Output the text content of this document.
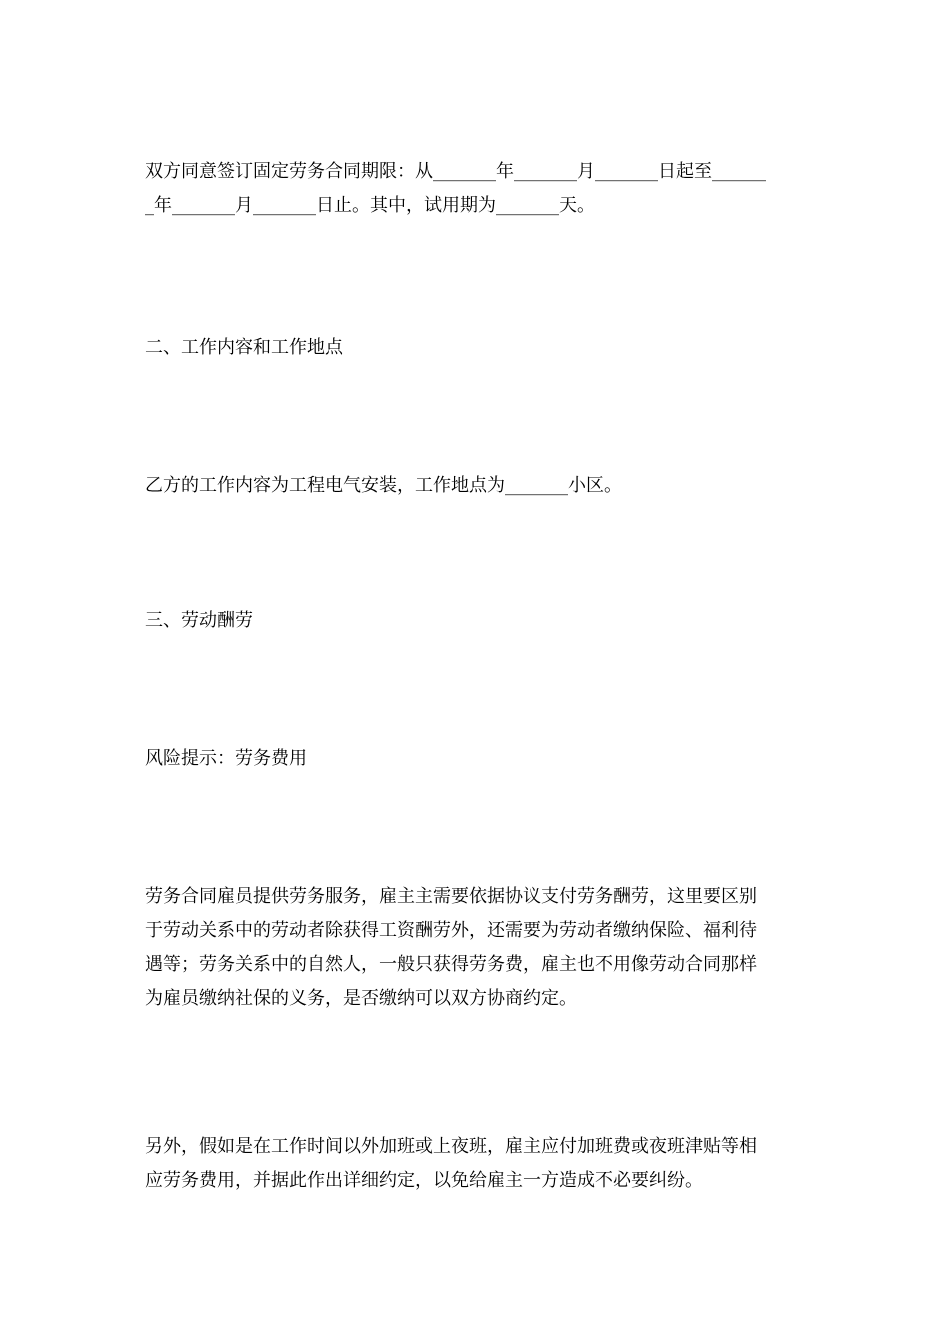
双方同意签订固定劳务合同期限：从_______年_______月_______日起至______
_年_______月_______日止。其中，试用期为_______天。

二、工作内容和工作地点

乙方的工作内容为工程电气安装，工作地点为_______小区。

三、劳动酬劳

风险提示：劳务费用

劳务合同雇员提供劳务服务，雇主主需要依据协议支付劳务酬劳，这里要区别
于劳动关系中的劳动者除获得工资酬劳外，还需要为劳动者缴纳保险、福利待
遇等；劳务关系中的自然人，一般只获得劳务费，雇主也不用像劳动合同那样
为雇员缴纳社保的义务，是否缴纳可以双方协商约定。

另外，假如是在工作时间以外加班或上夜班，雇主应付加班费或夜班津贴等相
应劳务费用，并据此作出详细约定，以免给雇主一方造成不必要纠纷。
